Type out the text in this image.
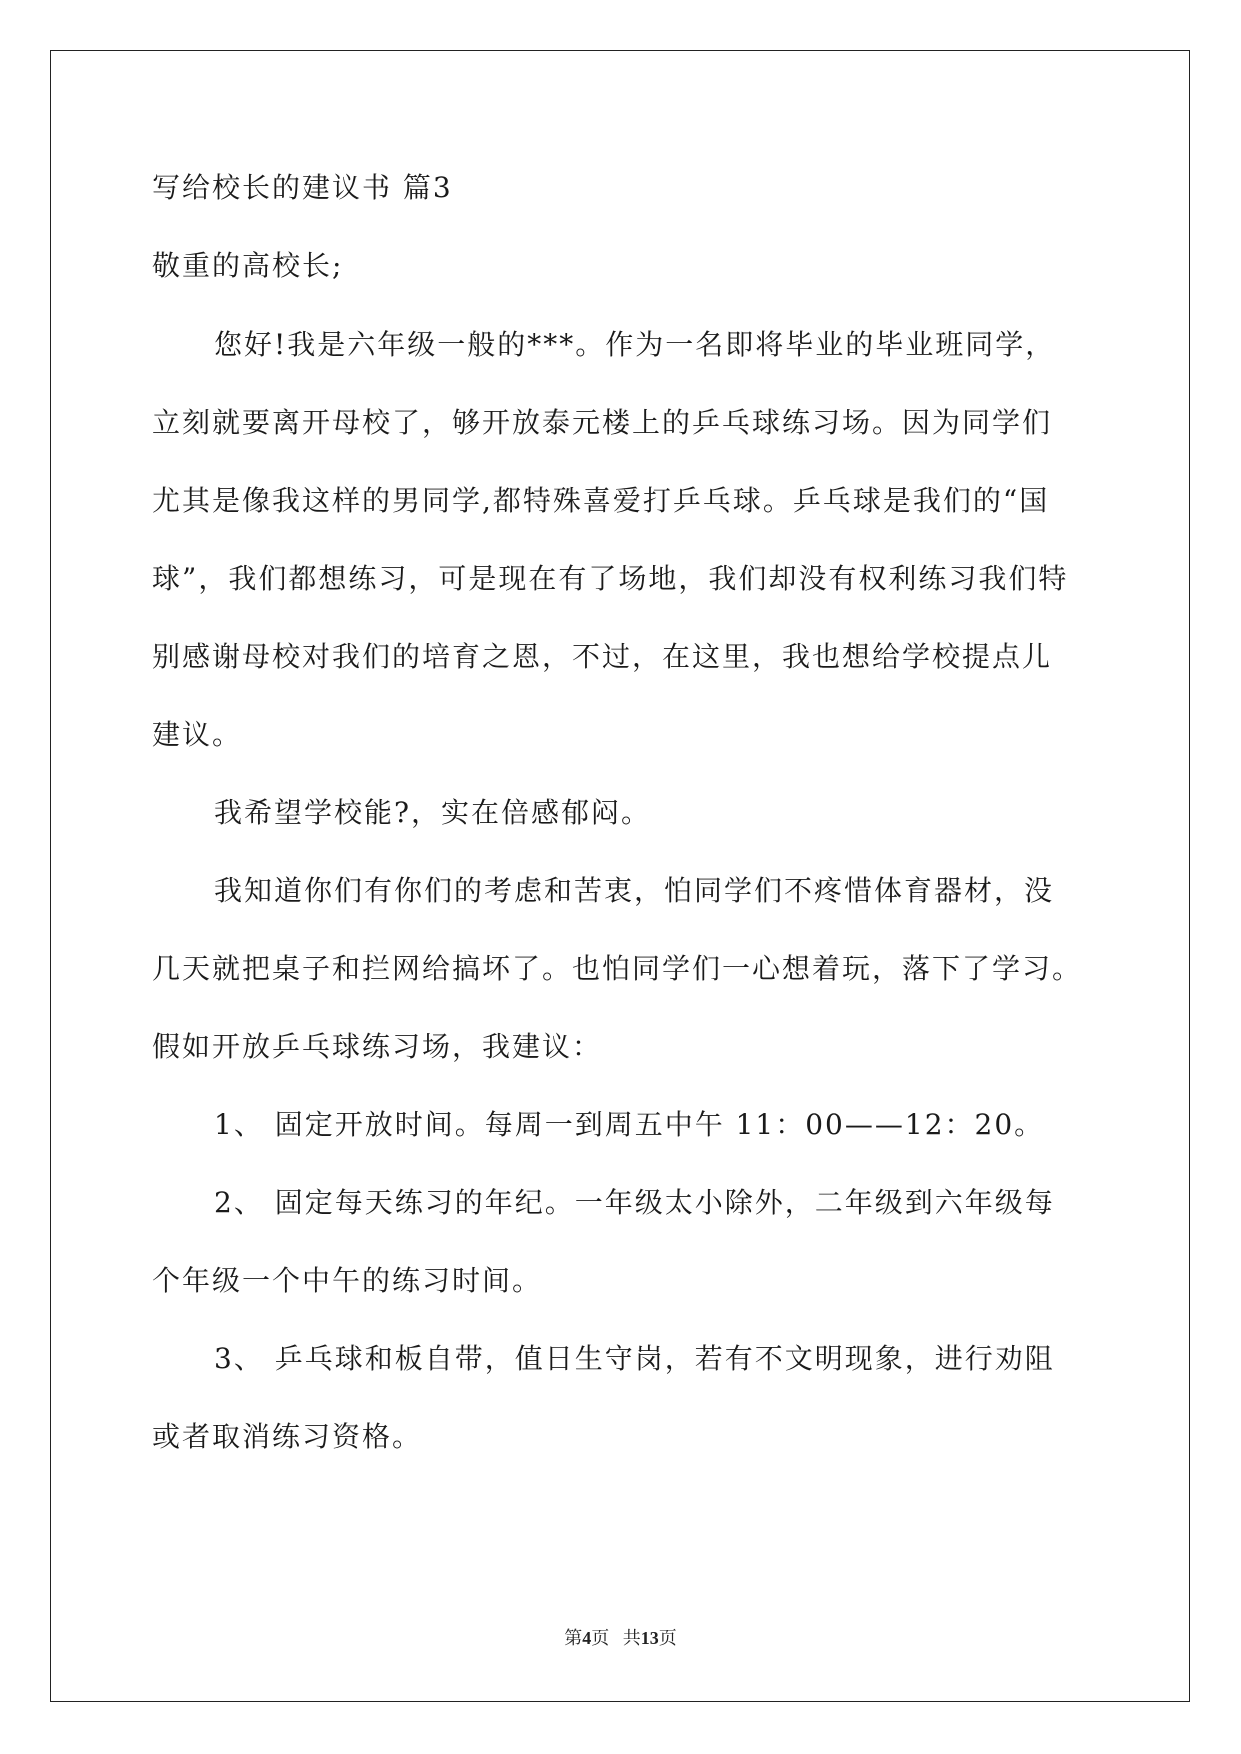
写给校长的建议书 篇3
敬重的高校长;
您好!我是六年级一般的***。作为一名即将毕业的毕业班同学，
立刻就要离开母校了，够开放泰元楼上的乒乓球练习场。因为同学们
尤其是像我这样的男同学,都特殊喜爱打乒乓球。乒乓球是我们的“国
球”，我们都想练习，可是现在有了场地，我们却没有权利练习我们特
别感谢母校对我们的培育之恩，不过，在这里，我也想给学校提点儿
建议。
我希望学校能?，实在倍感郁闷。
我知道你们有你们的考虑和苦衷，怕同学们不疼惜体育器材，没
几天就把桌子和拦网给搞坏了。也怕同学们一心想着玩，落下了学习。
假如开放乒乓球练习场，我建议：
1、 固定开放时间。每周一到周五中午 11：00——12：20。
2、 固定每天练习的年纪。一年级太小除外，二年级到六年级每
个年级一个中午的练习时间。
3、 乒乓球和板自带，值日生守岗，若有不文明现象，进行劝阻
或者取消练习资格。
第4页 共13页
